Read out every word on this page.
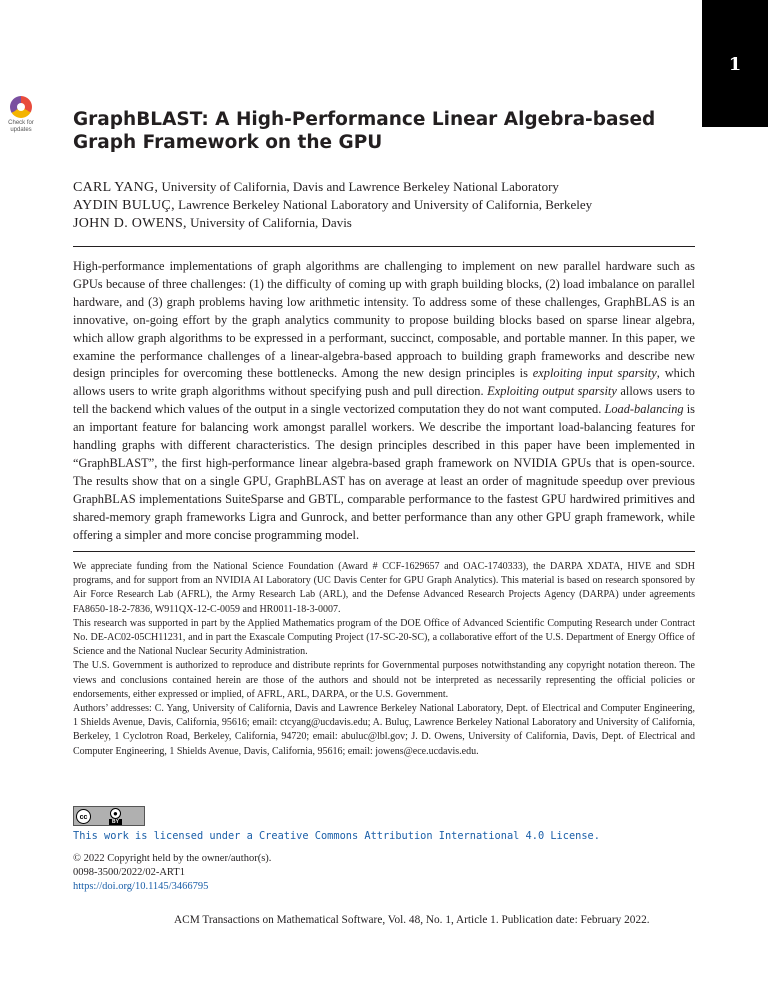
1
Check for
updates	GraphBLAST: A High-Performance Linear Algebra-based Graph Framework on the GPU
CARL YANG, University of California, Davis and Lawrence Berkeley National Laboratory
AYDIN BULUÇ, Lawrence Berkeley National Laboratory and University of California, Berkeley
JOHN D. OWENS, University of California, Davis

High-performance implementations of graph algorithms are challenging to implement on new parallel hardware such as GPUs because of three challenges: (1) the difficulty of coming up with graph building blocks, (2) load imbalance on parallel hardware, and (3) graph problems having low arithmetic intensity. To address some of these challenges, GraphBLAS is an innovative, on-going effort by the graph analytics community to propose building blocks based on sparse linear algebra, which allow graph algorithms to be expressed in a performant, succinct, composable, and portable manner. In this paper, we examine the performance challenges of a linear-algebra-based approach to building graph frameworks and describe new design principles for overcoming these bottlenecks. Among the new design principles is exploiting input sparsity, which allows users to write graph algorithms without specifying push and pull direction. Exploiting output sparsity allows users to tell the backend which values of the output in a single vectorized computation they do not want computed. Load-balancing is an important feature for balancing work amongst parallel workers. We describe the important load-balancing features for handling graphs with different characteristics. The design principles described in this paper have been implemented in “GraphBLAST”, the first high-performance linear algebra-based graph framework on NVIDIA GPUs that is open-source. The results show that on a single GPU, GraphBLAST has on average at least an order of magnitude speedup over previous GraphBLAS implementations SuiteSparse and GBTL, comparable performance to the fastest GPU hardwired primitives and shared-memory graph frameworks Ligra and Gunrock, and better performance than any other GPU graph framework, while offering a simpler and more concise programming model.

We appreciate funding from the National Science Foundation (Award # CCF-1629657 and OAC-1740333), the DARPA XDATA, HIVE and SDH programs, and for support from an NVIDIA AI Laboratory (UC Davis Center for GPU Graph Analytics). This material is based on research sponsored by Air Force Research Lab (AFRL), the Army Research Lab (ARL), and the Defense Advanced Research Projects Agency (DARPA) under agreements FA8650-18-2-7836, W911QX-12-C-0059 and HR0011-18-3-0007.

This research was supported in part by the Applied Mathematics program of the DOE Office of Advanced Scientific Computing Research under Contract No. DE-AC02-05CH11231, and in part the Exascale Computing Project (17-SC-20-SC), a collaborative effort of the U.S. Department of Energy Office of Science and the National Nuclear Security Administration.

The U.S. Government is authorized to reproduce and distribute reprints for Governmental purposes notwithstanding any copyright notation thereon. The views and conclusions contained herein are those of the authors and should not be interpreted as necessarily representing the official policies or endorsements, either expressed or implied, of AFRL, ARL, DARPA, or the U.S. Government.

Authors’ addresses: C. Yang, University of California, Davis and Lawrence Berkeley National Laboratory, Dept. of Electrical and Computer Engineering, 1 Shields Avenue, Davis, California, 95616; email: ctcyang@ucdavis.edu; A. Buluç, Lawrence Berkeley National Laboratory and University of California, Berkeley, 1 Cyclotron Road, Berkeley, California, 94720; email: abuluc@lbl.gov; J. D. Owens, University of California, Davis, Dept. of Electrical and Computer Engineering, 1 Shields Avenue, Davis, California, 95616; email: jowens@ece.ucdavis.edu.

cc	●
BY
This work is licensed under a Creative Commons Attribution International 4.0 License.
© 2022 Copyright held by the owner/author(s).
0098-3500/2022/02-ART1
https://doi.org/10.1145/3466795
ACM Transactions on Mathematical Software, Vol. 48, No. 1, Article 1. Publication date: February 2022.
